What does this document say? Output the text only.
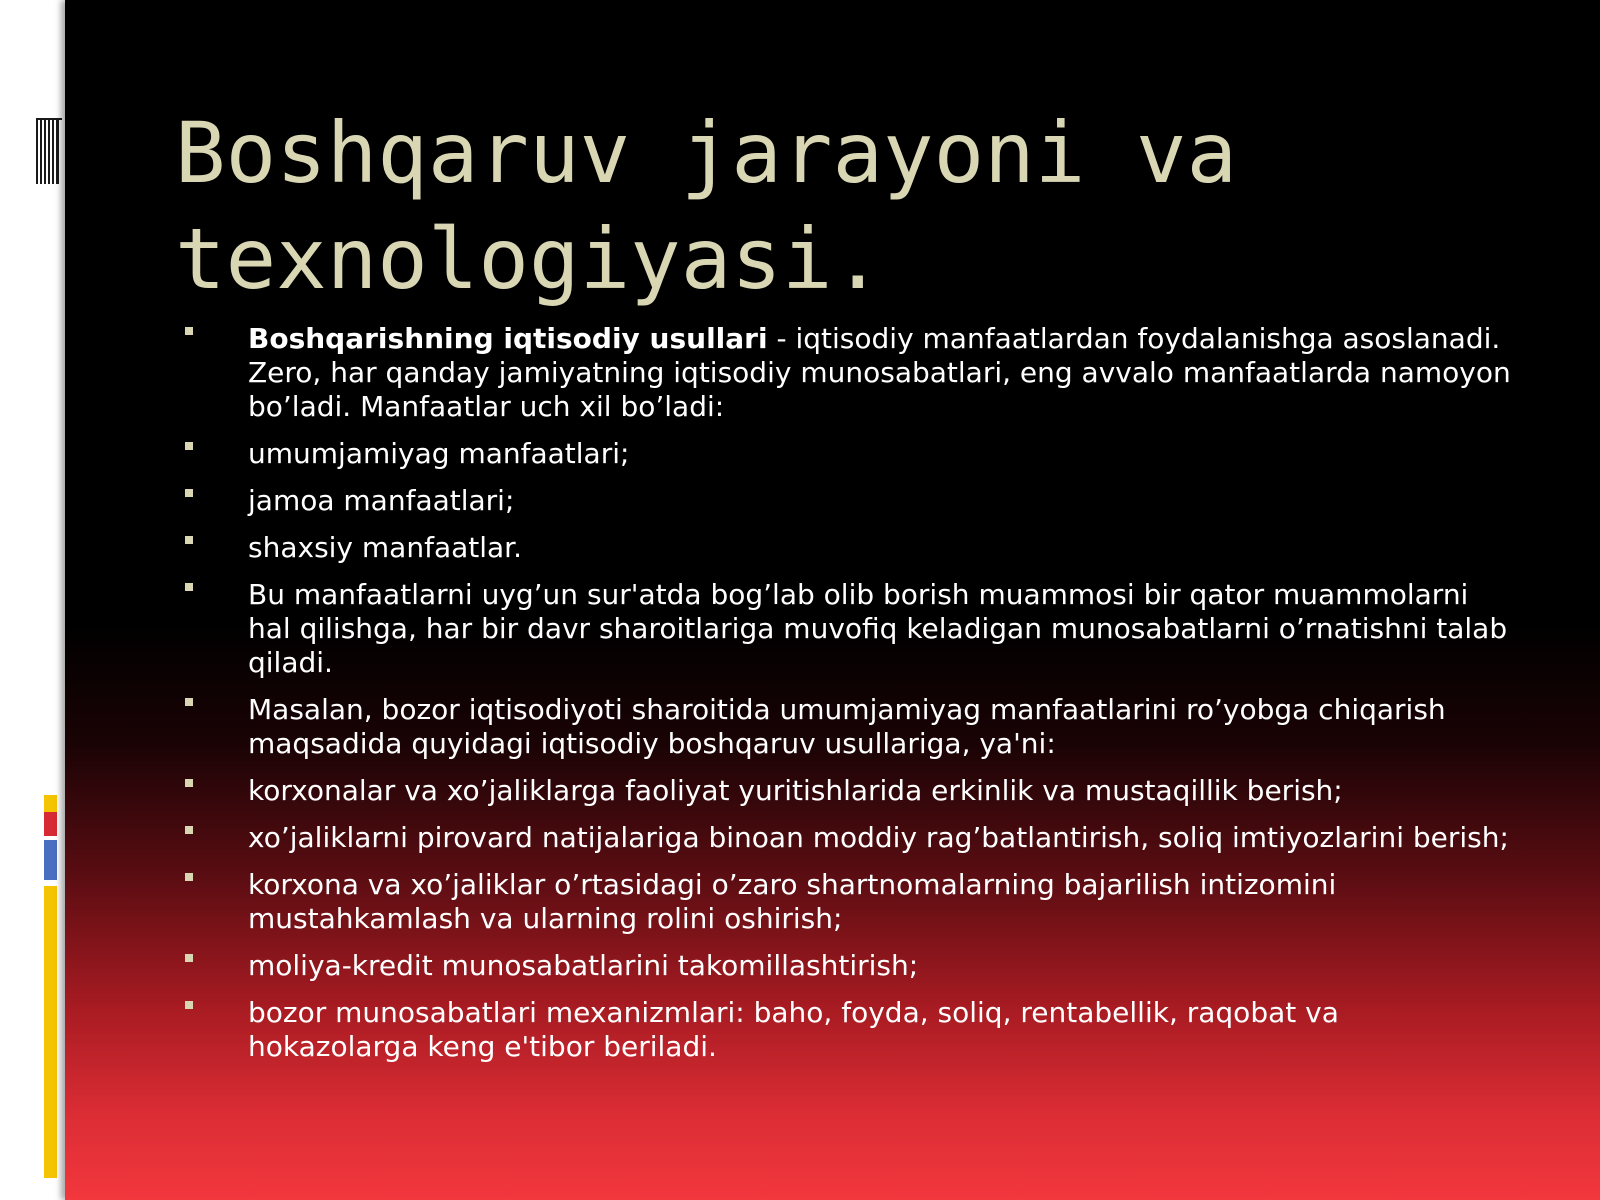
Boshqaruv jarayoni va texnologiyasi.
Boshqarishning iqtisodiy usullari - iqtisodiy manfaatlardan foydalanishga asoslanadi. Zero, har qanday jamiyatning iqtisodiy munosabatlari, eng avvalo manfaatlarda namoyon bo’ladi. Manfaatlar uch xil bo’ladi:
umumjamiyag manfaatlari;
jamoa manfaatlari;
shaxsiy manfaatlar.
Bu manfaatlarni uyg’un sur'atda bog’lab olib borish muammosi bir qator muammolarni hal qilishga, har bir davr sharoitlariga muvofiq keladigan munosabatlarni o’rnatishni talab qiladi.
Masalan, bozor iqtisodiyoti sharoitida umumjamiyag manfaatlarini ro’yobga chiqarish maqsadida quyidagi iqtisodiy boshqaruv usullariga, ya'ni:
korxonalar va xo’jaliklarga faoliyat yuritishlarida erkinlik va mustaqillik berish;
xo’jaliklarni pirovard natijalariga binoan moddiy rag’batlantirish, soliq imtiyozlarini berish;
korxona va xo’jaliklar o’rtasidagi o’zaro shartnomalarning bajarilish intizomini mustahkamlash va ularning rolini oshirish;
moliya-kredit munosabatlarini takomillashtirish;
bozor munosabatlari mexanizmlari: baho, foyda, soliq, rentabellik, raqobat va hokazolarga keng e'tibor beriladi.
